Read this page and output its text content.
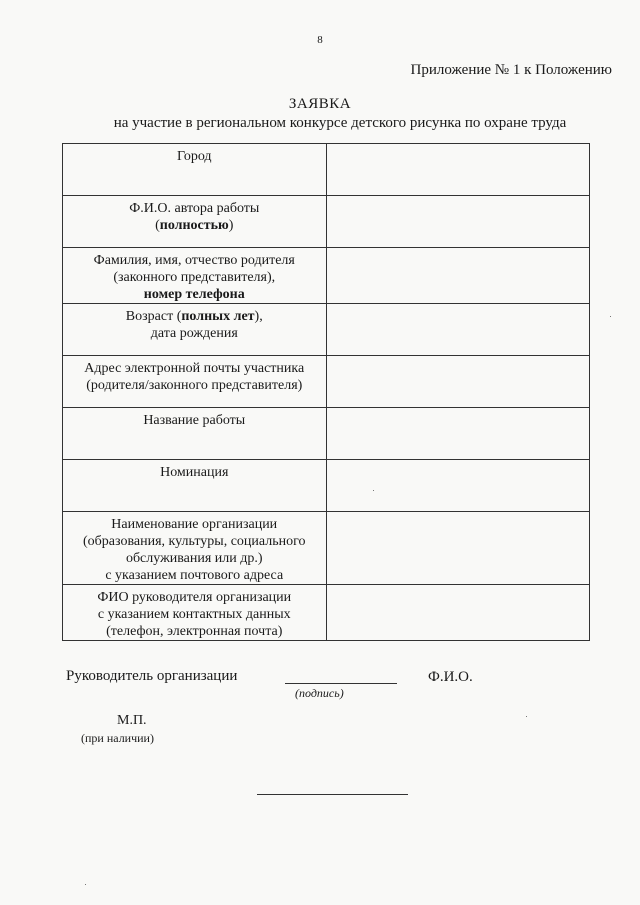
8
Приложение № 1 к Положению
ЗАЯВКА
на участие в региональном конкурсе детского рисунка по охране труда
Город	

Ф.И.О. автора работы
(полностью)	

Фамилия, имя, отчество родителя
(законного представителя),
номер телефона	

Возраст (полных лет),
дата рождения	

Адрес электронной почты участника
(родителя/законного представителя)	

Название работы	

Номинация	

Наименование организации
(образования, культуры, социального
обслуживания или др.)
с указанием почтового адреса	

ФИО руководителя организации
с указанием контактных данных
(телефон, электронная почта)	

Руководитель организации
(подпись)
Ф.И.О.
М.П.
(при наличии)
